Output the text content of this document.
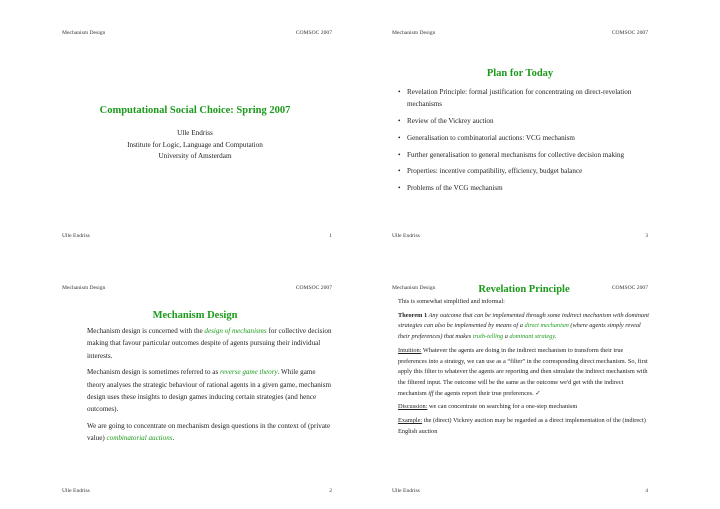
Mechanism Design	COMSOC 2007
Computational Social Choice: Spring 2007
Ulle Endriss
Institute for Logic, Language and Computation
University of Amsterdam
Ulle Endriss	1
Mechanism Design	COMSOC 2007
Plan for Today
• Revelation Principle: formal justification for concentrating on direct-revelation mechanisms
• Review of the Vickrey auction
• Generalisation to combinatorial auctions: VCG mechanism
• Further generalisation to general mechanisms for collective decision making
• Properties: incentive compatibility, efficiency, budget balance
• Problems of the VCG mechanism
Ulle Endriss	3
Mechanism Design	COMSOC 2007
Mechanism Design

Mechanism design is concerned with the design of mechanisms for collective decision making that favour particular outcomes despite of agents pursuing their individual interests.

Mechanism design is sometimes referred to as reverse game theory. While game theory analyses the strategic behaviour of rational agents in a given game, mechanism design uses these insights to design games inducing certain strategies (and hence outcomes).

We are going to concentrate on mechanism design questions in the context of (private value) combinatorial auctions.

Ulle Endriss	2
Mechanism Design	COMSOC 2007
Revelation Principle

This is somewhat simplified and informal:

Theorem 1 Any outcome that can be implemented through some indirect mechanism with dominant strategies can also be implemented by means of a direct mechanism (where agents simply reveal their preferences) that makes truth-telling a dominant strategy.

Intuition: Whatever the agents are doing in the indirect mechanism to transform their true preferences into a strategy, we can use as a “filter” in the corresponding direct mechanism. So, first apply this filter to whatever the agents are reporting and then simulate the indirect mechanism with the filtered input. The outcome will be the same as the outcome we'd get with the indirect mechanism iff the agents report their true preferences. ✓

Discussion: we can concentrate on searching for a one-step mechanism

Example: the (direct) Vickrey auction may be regarded as a direct implementation of the (indirect) English auction

Ulle Endriss	4
